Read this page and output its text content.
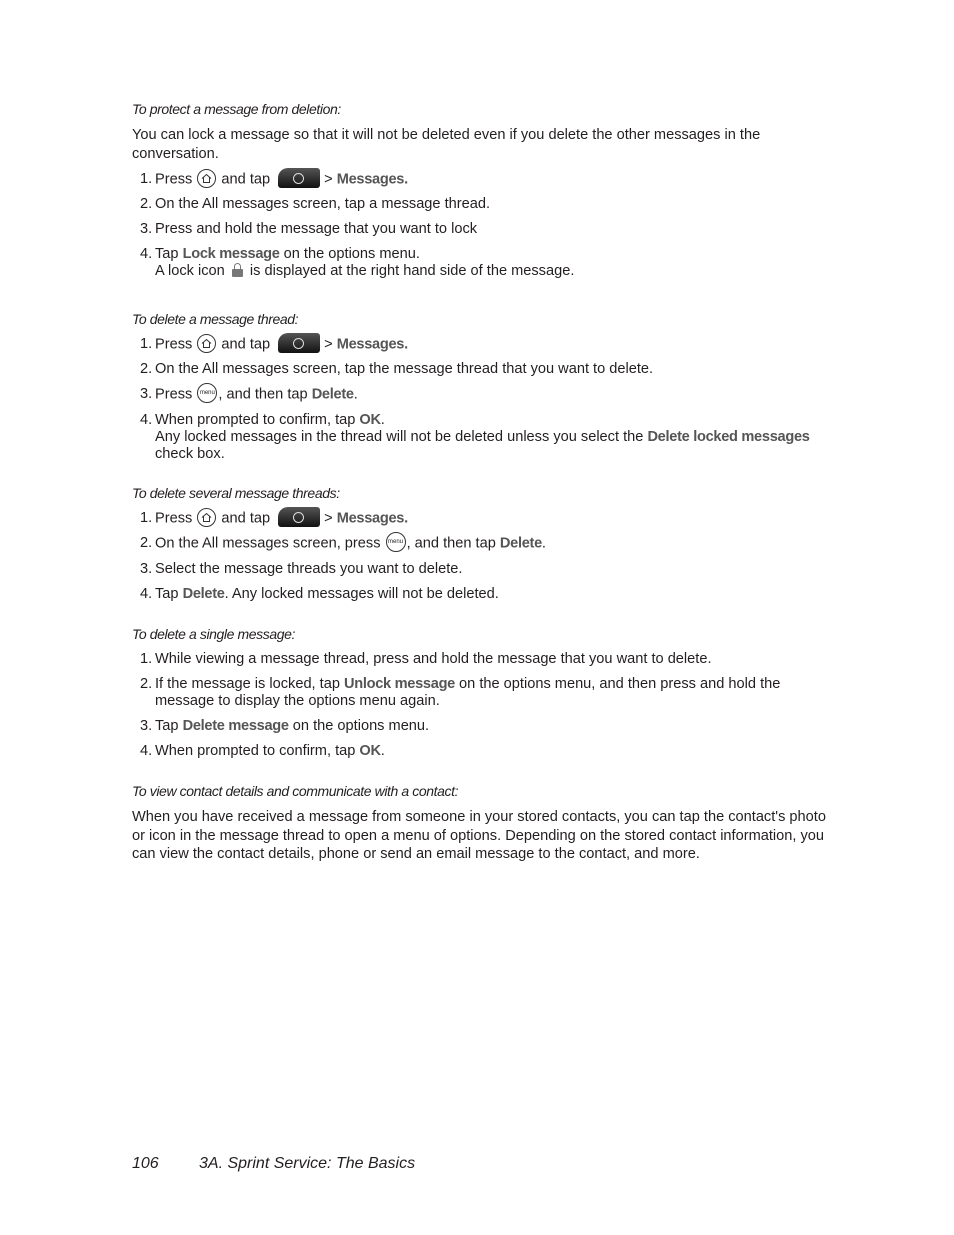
To protect a message from deletion:
You can lock a message so that it will not be deleted even if you delete the other messages in the conversation.
1. Press
and tap	> Messages.
2. On the All messages screen, tap a message thread.
3. Press and hold the message that you want to lock
4. Tap Lock message on the options menu.
A lock icon  is displayed at the right hand side of the message.
To delete a message thread:
1. Press
and tap	> Messages.
2. On the All messages screen, tap the message thread that you want to delete.
3. Press menu , and then tap Delete.
4. When prompted to confirm, tap OK.
Any locked messages in the thread will not be deleted unless you select the Delete locked messages check box.
To delete several message threads:
1. Press
and tap	> Messages.
2. On the All messages screen, press menu , and then tap Delete.
3. Select the message threads you want to delete.
4. Tap Delete. Any locked messages will not be deleted.
To delete a single message:
1. While viewing a message thread, press and hold the message that you want to delete.
2. If the message is locked, tap Unlock message on the options menu, and then press and hold the message to display the options menu again.
3. Tap Delete message on the options menu.
4. When prompted to confirm, tap OK.
To view contact details and communicate with a contact:
When you have received a message from someone in your stored contacts, you can tap the contact's photo or icon in the message thread to open a menu of options. Depending on the stored contact information, you can view the contact details, phone or send an email message to the contact, and more.
106	3A. Sprint Service: The Basics
